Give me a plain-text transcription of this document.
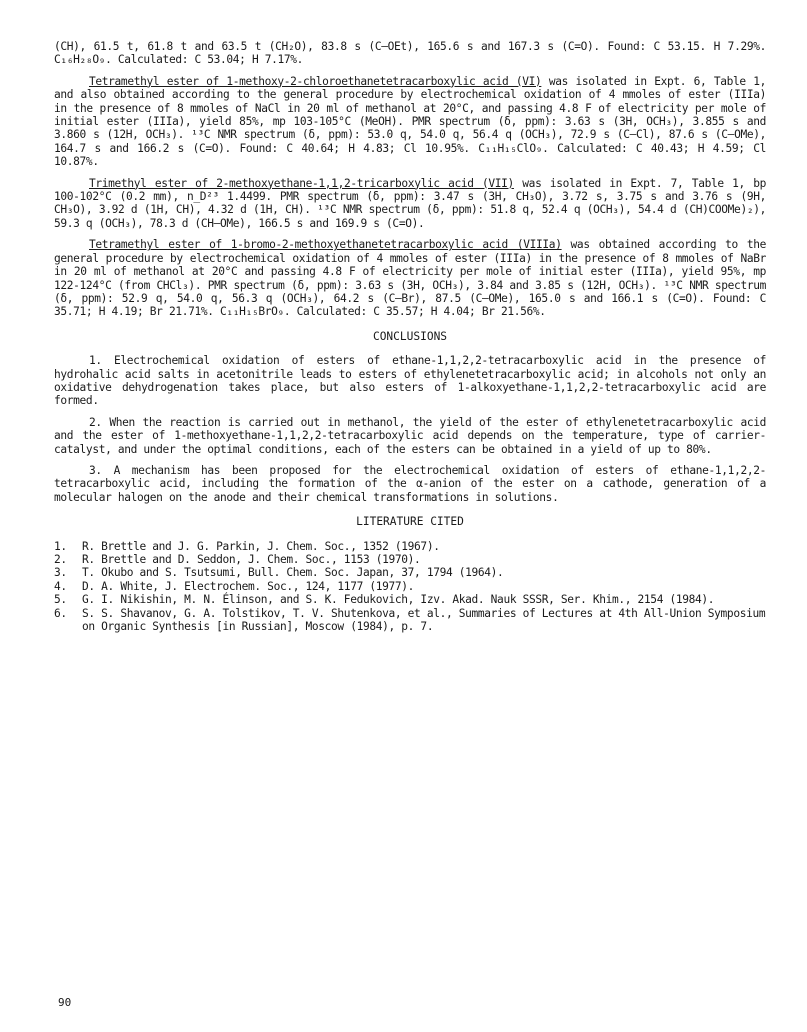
(CH), 61.5 t, 61.8 t and 63.5 t (CH₂O), 83.8 s (C–OEt), 165.6 s and 167.3 s (C=O). Found: C 53.15. H 7.29%. C₁₆H₂₈O₉. Calculated: C 53.04; H 7.17%.

Tetramethyl ester of 1-methoxy-2-chloroethanetetracarboxylic acid (VI) was isolated in Expt. 6, Table 1, and also obtained according to the general procedure by electrochemical oxidation of 4 mmoles of ester (IIIa) in the presence of 8 mmoles of NaCl in 20 ml of methanol at 20°C, and passing 4.8 F of electricity per mole of initial ester (IIIa), yield 85%, mp 103-105°C (MeOH). PMR spectrum (δ, ppm): 3.63 s (3H, OCH₃), 3.855 s and 3.860 s (12H, OCH₃). ¹³C NMR spectrum (δ, ppm): 53.0 q, 54.0 q, 56.4 q (OCH₃), 72.9 s (C–Cl), 87.6 s (C–OMe), 164.7 s and 166.2 s (C=O). Found: C 40.64; H 4.83; Cl 10.95%. C₁₁H₁₅ClO₉. Calculated: C 40.43; H 4.59; Cl 10.87%.

Trimethyl ester of 2-methoxyethane-1,1,2-tricarboxylic acid (VII) was isolated in Expt. 7, Table 1, bp 100-102°C (0.2 mm), n_D²³ 1.4499. PMR spectrum (δ, ppm): 3.47 s (3H, CH₃O), 3.72 s, 3.75 s and 3.76 s (9H, CH₃O), 3.92 d (1H, CH), 4.32 d (1H, CH). ¹³C NMR spectrum (δ, ppm): 51.8 q, 52.4 q (OCH₃), 54.4 d (CH)COOMe)₂), 59.3 q (OCH₃), 78.3 d (CH–OMe), 166.5 s and 169.9 s (C=O).

Tetramethyl ester of 1-bromo-2-methoxyethanetetracarboxylic acid (VIIIa) was obtained according to the general procedure by electrochemical oxidation of 4 mmoles of ester (IIIa) in the presence of 8 mmoles of NaBr in 20 ml of methanol at 20°C and passing 4.8 F of electricity per mole of initial ester (IIIa), yield 95%, mp 122-124°C (from CHCl₃). PMR spectrum (δ, ppm): 3.63 s (3H, OCH₃), 3.84 and 3.85 s (12H, OCH₃). ¹³C NMR spectrum (δ, ppm): 52.9 q, 54.0 q, 56.3 q (OCH₃), 64.2 s (C–Br), 87.5 (C–OMe), 165.0 s and 166.1 s (C=O). Found: C 35.71; H 4.19; Br 21.71%. C₁₁H₁₅BrO₉. Calculated: C 35.57; H 4.04; Br 21.56%.

CONCLUSIONS

1. Electrochemical oxidation of esters of ethane-1,1,2,2-tetracarboxylic acid in the presence of hydrohalic acid salts in acetonitrile leads to esters of ethylenetetracarboxylic acid; in alcohols not only an oxidative dehydrogenation takes place, but also esters of 1-alkoxyethane-1,1,2,2-tetracarboxylic acid are formed.

2. When the reaction is carried out in methanol, the yield of the ester of ethylenetetracarboxylic acid and the ester of 1-methoxyethane-1,1,2,2-tetracarboxylic acid depends on the temperature, type of carrier-catalyst, and under the optimal conditions, each of the esters can be obtained in a yield of up to 80%.

3. A mechanism has been proposed for the electrochemical oxidation of esters of ethane-1,1,2,2-tetracarboxylic acid, including the formation of the α-anion of the ester on a cathode, generation of a molecular halogen on the anode and their chemical transformations in solutions.

LITERATURE CITED
1.	R. Brettle and J. G. Parkin, J. Chem. Soc., 1352 (1967).
2.	R. Brettle and D. Seddon, J. Chem. Soc., 1153 (1970).
3.	T. Okubo and S. Tsutsumi, Bull. Chem. Soc. Japan, 37, 1794 (1964).
4.	D. A. White, J. Electrochem. Soc., 124, 1177 (1977).
5.	G. I. Nikishin, M. N. Élinson, and S. K. Fedukovich, Izv. Akad. Nauk SSSR, Ser. Khim., 2154 (1984).
6.	S. S. Shavanov, G. A. Tolstikov, T. V. Shutenkova, et al., Summaries of Lectures at 4th All-Union Symposium on Organic Synthesis [in Russian], Moscow (1984), p. 7.
90
